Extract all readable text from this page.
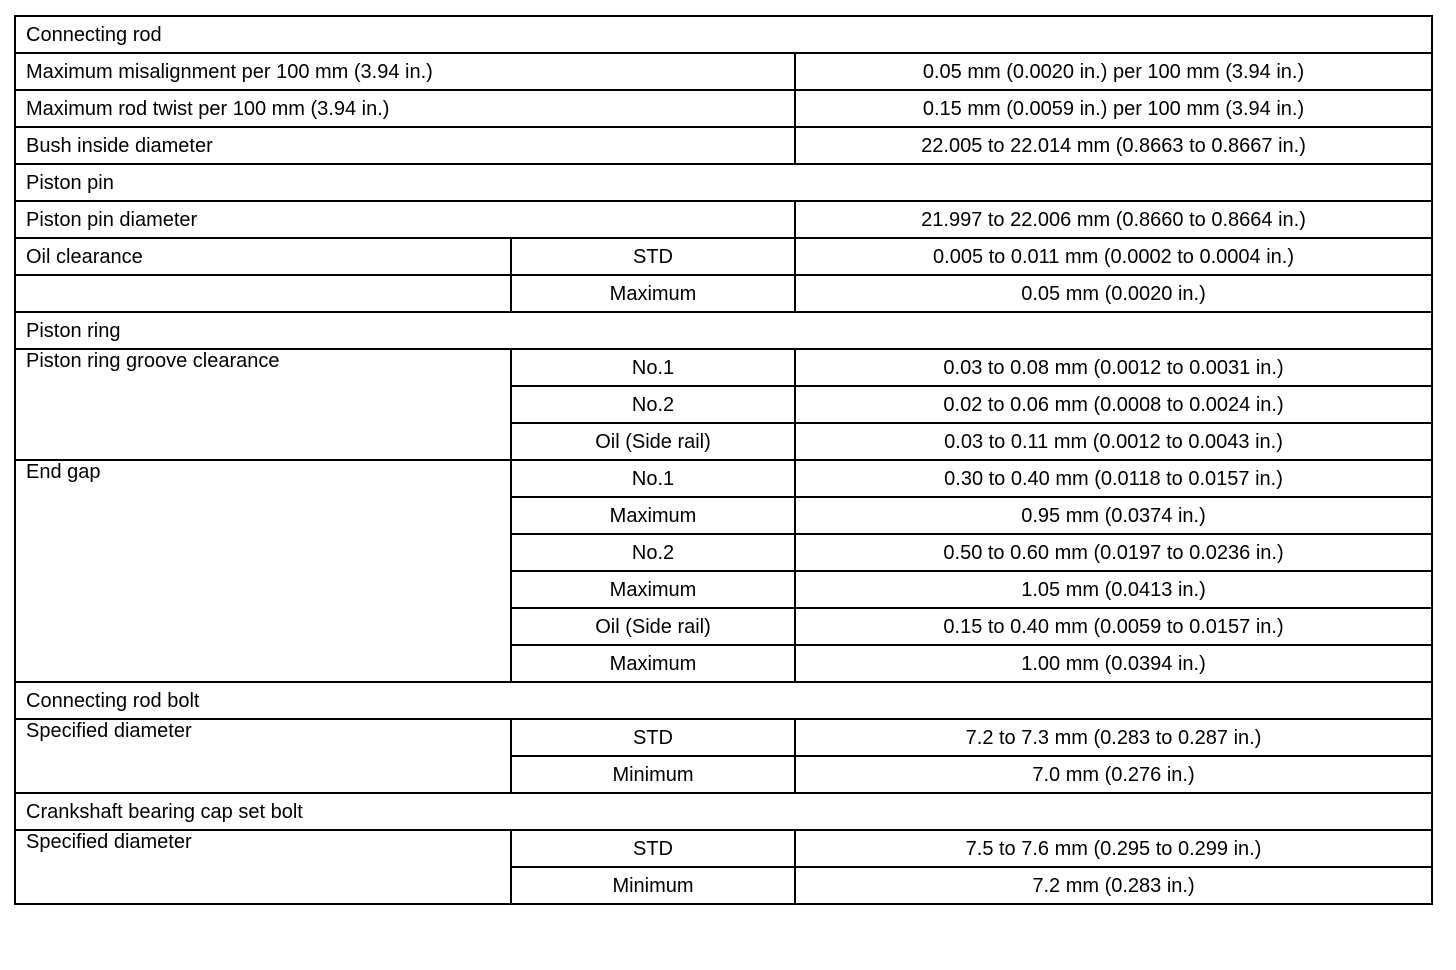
Connecting rod		
Maximum misalignment per 100 mm (3.94 in.)		0.05 mm (0.0020 in.) per 100 mm (3.94 in.)
Maximum rod twist per 100 mm (3.94 in.)		0.15 mm (0.0059 in.) per 100 mm (3.94 in.)
Bush inside diameter		22.005 to 22.014 mm (0.8663 to 0.8667 in.)
Piston pin		
Piston pin diameter		21.997 to 22.006 mm (0.8660 to 0.8664 in.)
Oil clearance	STD	0.005 to 0.011 mm (0.0002 to 0.0004 in.)
	Maximum	0.05 mm (0.0020 in.)
Piston ring		
Piston ring groove clearance	No.1	0.03 to 0.08 mm (0.0012 to 0.0031 in.)
	No.2	0.02 to 0.06 mm (0.0008 to 0.0024 in.)
	Oil (Side rail)	0.03 to 0.11 mm (0.0012 to 0.0043 in.)
End gap	No.1	0.30 to 0.40 mm (0.0118 to 0.0157 in.)
	Maximum	0.95 mm (0.0374 in.)
	No.2	0.50 to 0.60 mm (0.0197 to 0.0236 in.)
	Maximum	1.05 mm (0.0413 in.)
	Oil (Side rail)	0.15 to 0.40 mm (0.0059 to 0.0157 in.)
	Maximum	1.00 mm (0.0394 in.)
Connecting rod bolt		
Specified diameter	STD	7.2 to 7.3 mm (0.283 to 0.287 in.)
	Minimum	7.0 mm (0.276 in.)
Crankshaft bearing cap set bolt		
Specified diameter	STD	7.5 to 7.6 mm (0.295 to 0.299 in.)
	Minimum	7.2 mm (0.283 in.)
